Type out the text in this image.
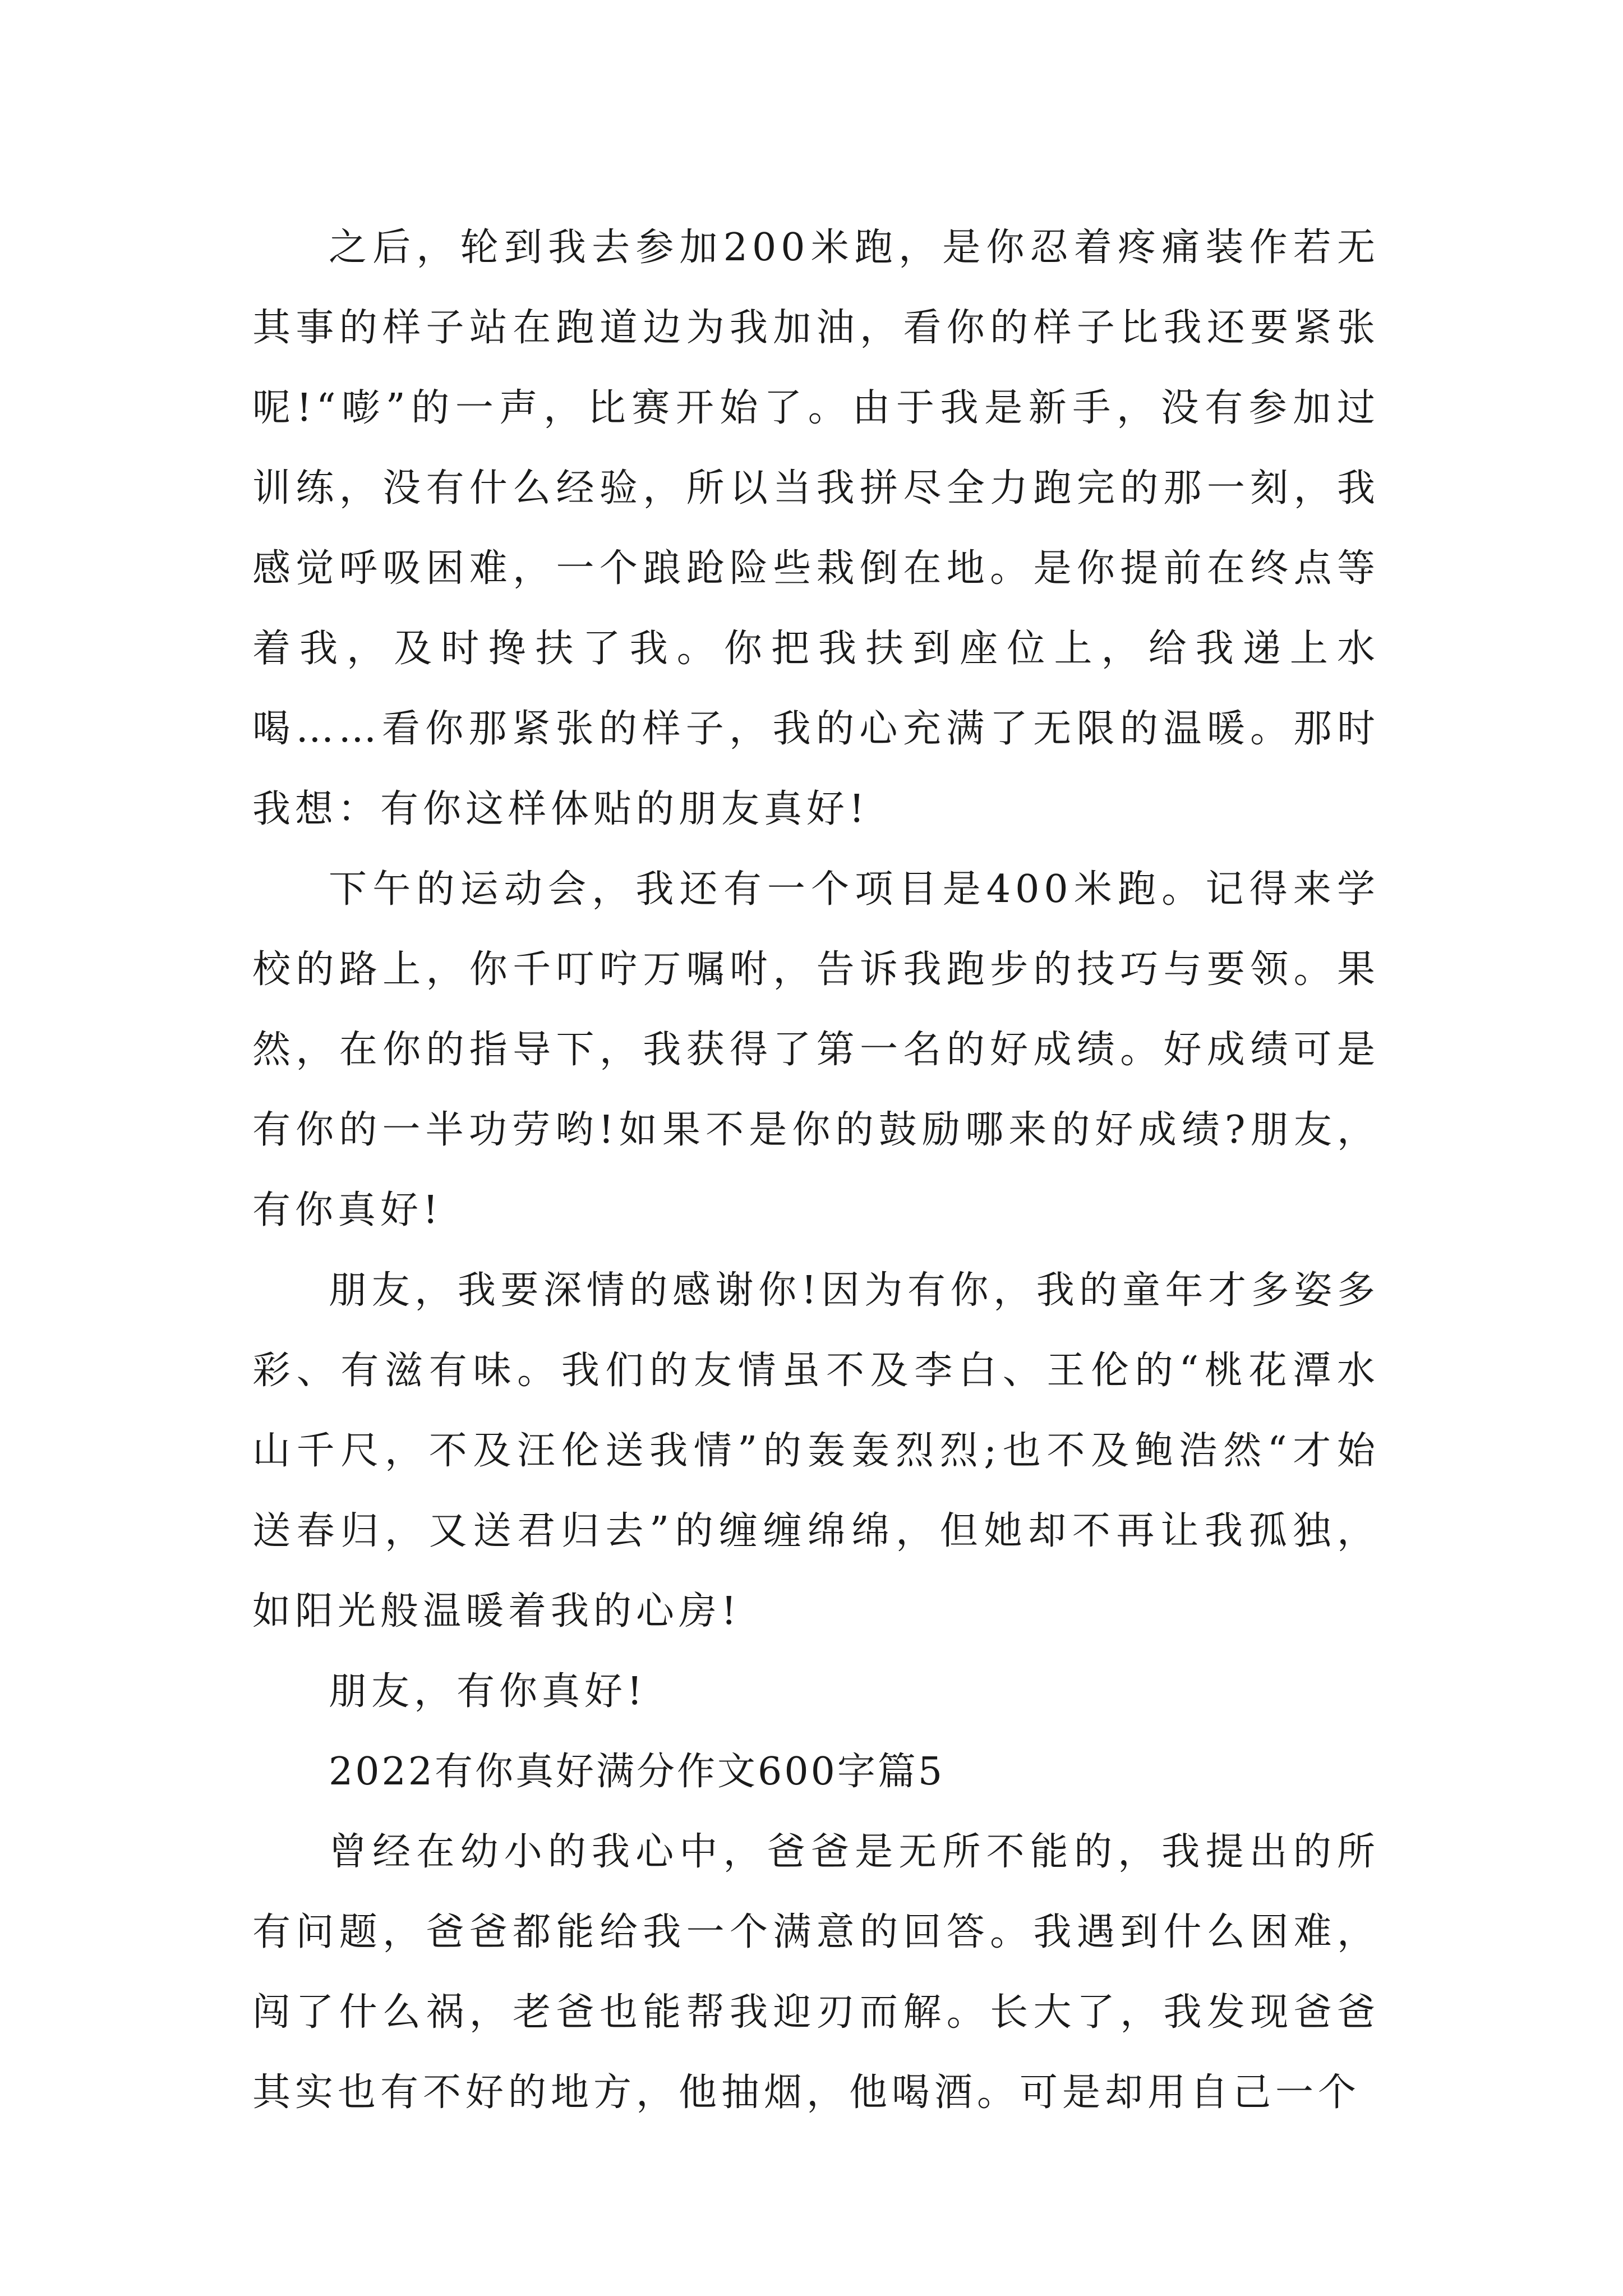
之后，轮到我去参加200米跑，是你忍着疼痛装作若无其事的样子站在跑道边为我加油，看你的样子比我还要紧张呢!“嘭”的一声，比赛开始了。由于我是新手，没有参加过训练，没有什么经验，所以当我拼尽全力跑完的那一刻，我感觉呼吸困难，一个踉跄险些栽倒在地。是你提前在终点等着我，及时搀扶了我。你把我扶到座位上，给我递上水喝……看你那紧张的样子，我的心充满了无限的温暖。那时我想：有你这样体贴的朋友真好!

下午的运动会，我还有一个项目是400米跑。记得来学校的路上，你千叮咛万嘱咐，告诉我跑步的技巧与要领。果然，在你的指导下，我获得了第一名的好成绩。好成绩可是有你的一半功劳哟!如果不是你的鼓励哪来的好成绩?朋友，有你真好!

朋友，我要深情的感谢你!因为有你，我的童年才多姿多彩、有滋有味。我们的友情虽不及李白、王伦的“桃花潭水山千尺，不及汪伦送我情”的轰轰烈烈;也不及鲍浩然“才始送春归，又送君归去”的缠缠绵绵，但她却不再让我孤独，如阳光般温暖着我的心房!

朋友，有你真好!

2022有你真好满分作文600字篇5

曾经在幼小的我心中，爸爸是无所不能的，我提出的所有问题，爸爸都能给我一个满意的回答。我遇到什么困难，闯了什么祸，老爸也能帮我迎刃而解。长大了，我发现爸爸其实也有不好的地方，他抽烟，他喝酒。可是却用自己一个
